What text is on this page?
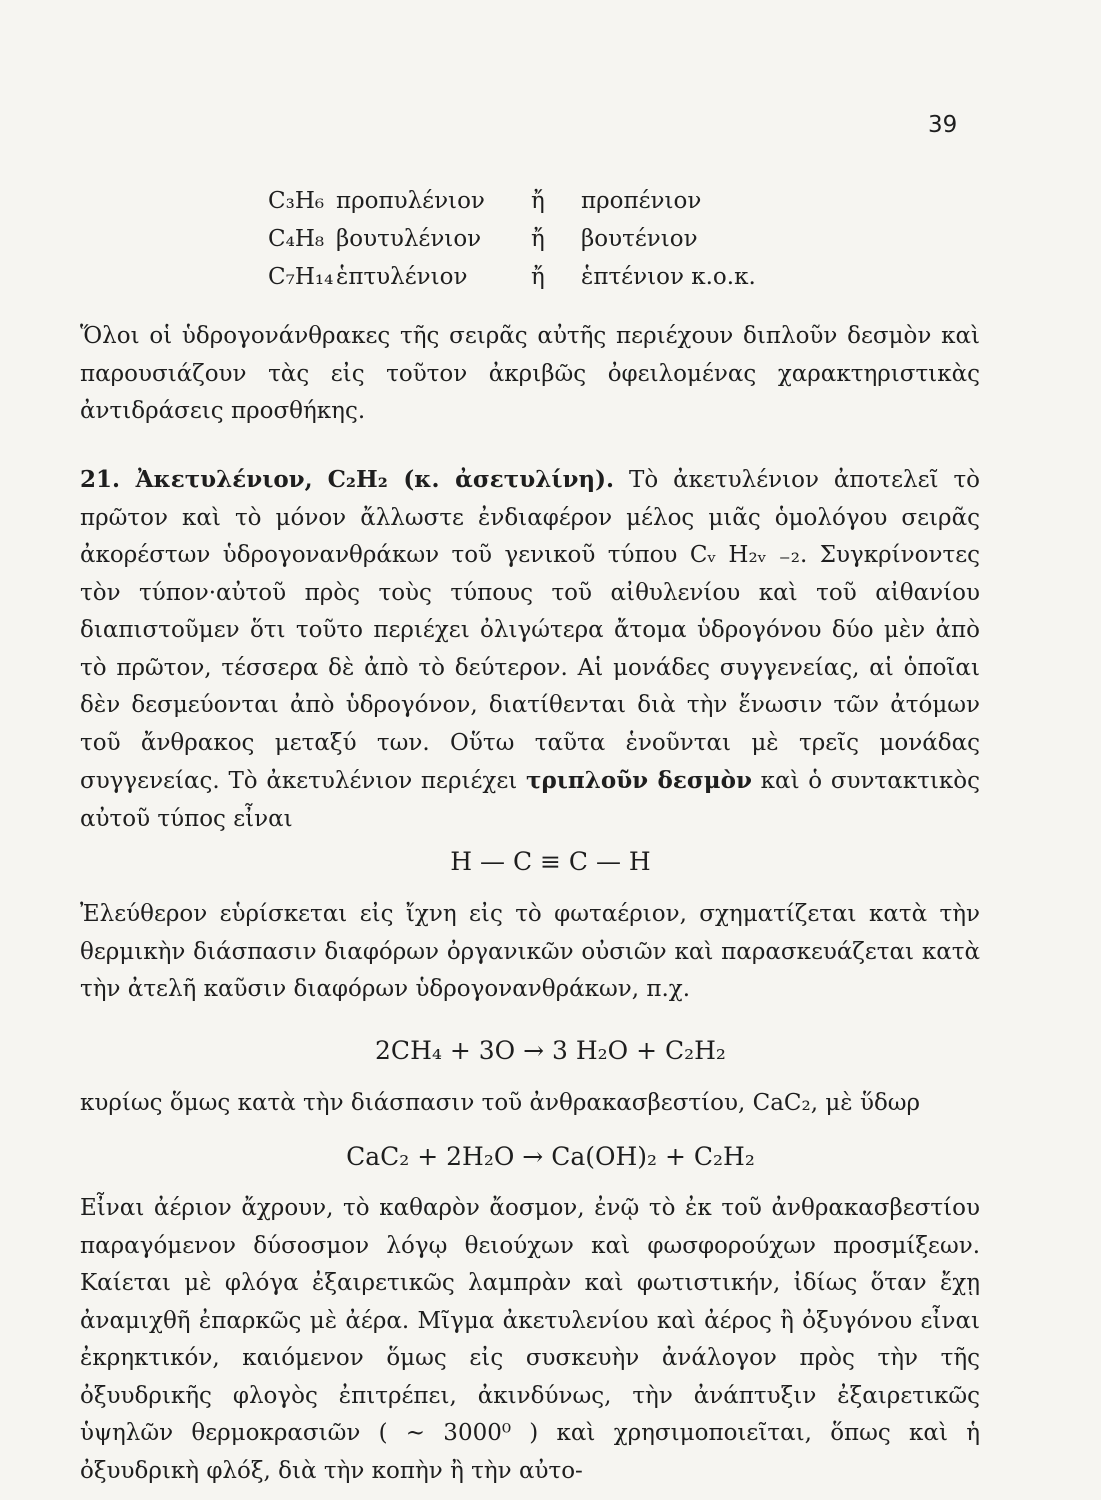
39
C₃H₆ προπυλένιον	ἤ	προπένιον
C₄H₈ βουτυλένιον	ἤ	βουτένιον
C₇H₁₄ ἑπτυλένιον	ἤ	ἑπτένιον κ.ο.κ.

Ὅλοι οἱ ὑδρογονάνθρακες τῆς σειρᾶς αὐτῆς περιέχουν διπλοῦν δεσμὸν καὶ παρουσιάζουν τὰς εἰς τοῦτον ἀκριβῶς ὀφειλομένας χαρακτηριστικὰς ἀντιδράσεις προσθήκης.

21. Ἀκετυλένιον, C₂H₂ (κ. ἀσετυλίνη). Τὸ ἀκετυλένιον ἀποτελεῖ τὸ πρῶτον καὶ τὸ μόνον ἄλλωστε ἐνδιαφέρον μέλος μιᾶς ὁμολόγου σειρᾶς ἀκορέστων ὑδρογονανθράκων τοῦ γενικοῦ τύπου Cᵥ H₂ᵥ ₋₂. Συγκρίνοντες τὸν τύπον·αὐτοῦ πρὸς τοὺς τύπους τοῦ αἰθυλενίου καὶ τοῦ αἰθανίου διαπιστοῦμεν ὅτι τοῦτο περιέχει ὀλιγώτερα ἄτομα ὑδρογόνου δύο μὲν ἀπὸ τὸ πρῶτον, τέσσερα δὲ ἀπὸ τὸ δεύτερον. Αἱ μονάδες συγγενείας, αἱ ὁποῖαι δὲν δεσμεύονται ἀπὸ ὑδρογόνον, διατίθενται διὰ τὴν ἕνωσιν τῶν ἀτόμων τοῦ ἄνθρακος μεταξύ των. Οὕτω ταῦτα ἑνοῦνται μὲ τρεῖς μονάδας συγγενείας. Τὸ ἀκετυλένιον περιέχει τριπλοῦν δεσμὸν καὶ ὁ συντακτικὸς αὐτοῦ τύπος εἶναι

H — C ≡ C — H

Ἐλεύθερον εὑρίσκεται εἰς ἴχνη εἰς τὸ φωταέριον, σχηματίζεται κατὰ τὴν θερμικὴν διάσπασιν διαφόρων ὀργανικῶν οὐσιῶν καὶ παρασκευάζεται κατὰ τὴν ἀτελῆ καῦσιν διαφόρων ὑδρογονανθράκων, π.χ.

2CH₄ + 3O → 3 H₂O + C₂H₂

κυρίως ὅμως κατὰ τὴν διάσπασιν τοῦ ἀνθρακασβεστίου, CaC₂, μὲ ὕδωρ

CaC₂ + 2H₂O → Ca(OH)₂ + C₂H₂

Εἶναι ἀέριον ἄχρουν, τὸ καθαρὸν ἄοσμον, ἐνῷ τὸ ἐκ τοῦ ἀνθρακασβεστίου παραγόμενον δύσοσμον λόγῳ θειούχων καὶ φωσφορούχων προσμίξεων. Καίεται μὲ φλόγα ἐξαιρετικῶς λαμπρὰν καὶ φωτιστικήν, ἰδίως ὅταν ἔχῃ ἀναμιχθῆ ἐπαρκῶς μὲ ἀέρα. Μῖγμα ἀκετυλενίου καὶ ἀέρος ἢ ὀξυγόνου εἶναι ἐκρηκτικόν, καιόμενον ὅμως εἰς συσκευὴν ἀνάλογον πρὸς τὴν τῆς ὀξυυδρικῆς φλογὸς ἐπιτρέπει, ἀκινδύνως, τὴν ἀνάπτυξιν ἐξαιρετικῶς ὑψηλῶν θερμοκρασιῶν ( ~ 3000⁰ ) καὶ χρησιμοποιεῖται, ὅπως καὶ ἡ ὀξυυδρικὴ φλόξ, διὰ τὴν κοπὴν ἢ τὴν αὐτο-
